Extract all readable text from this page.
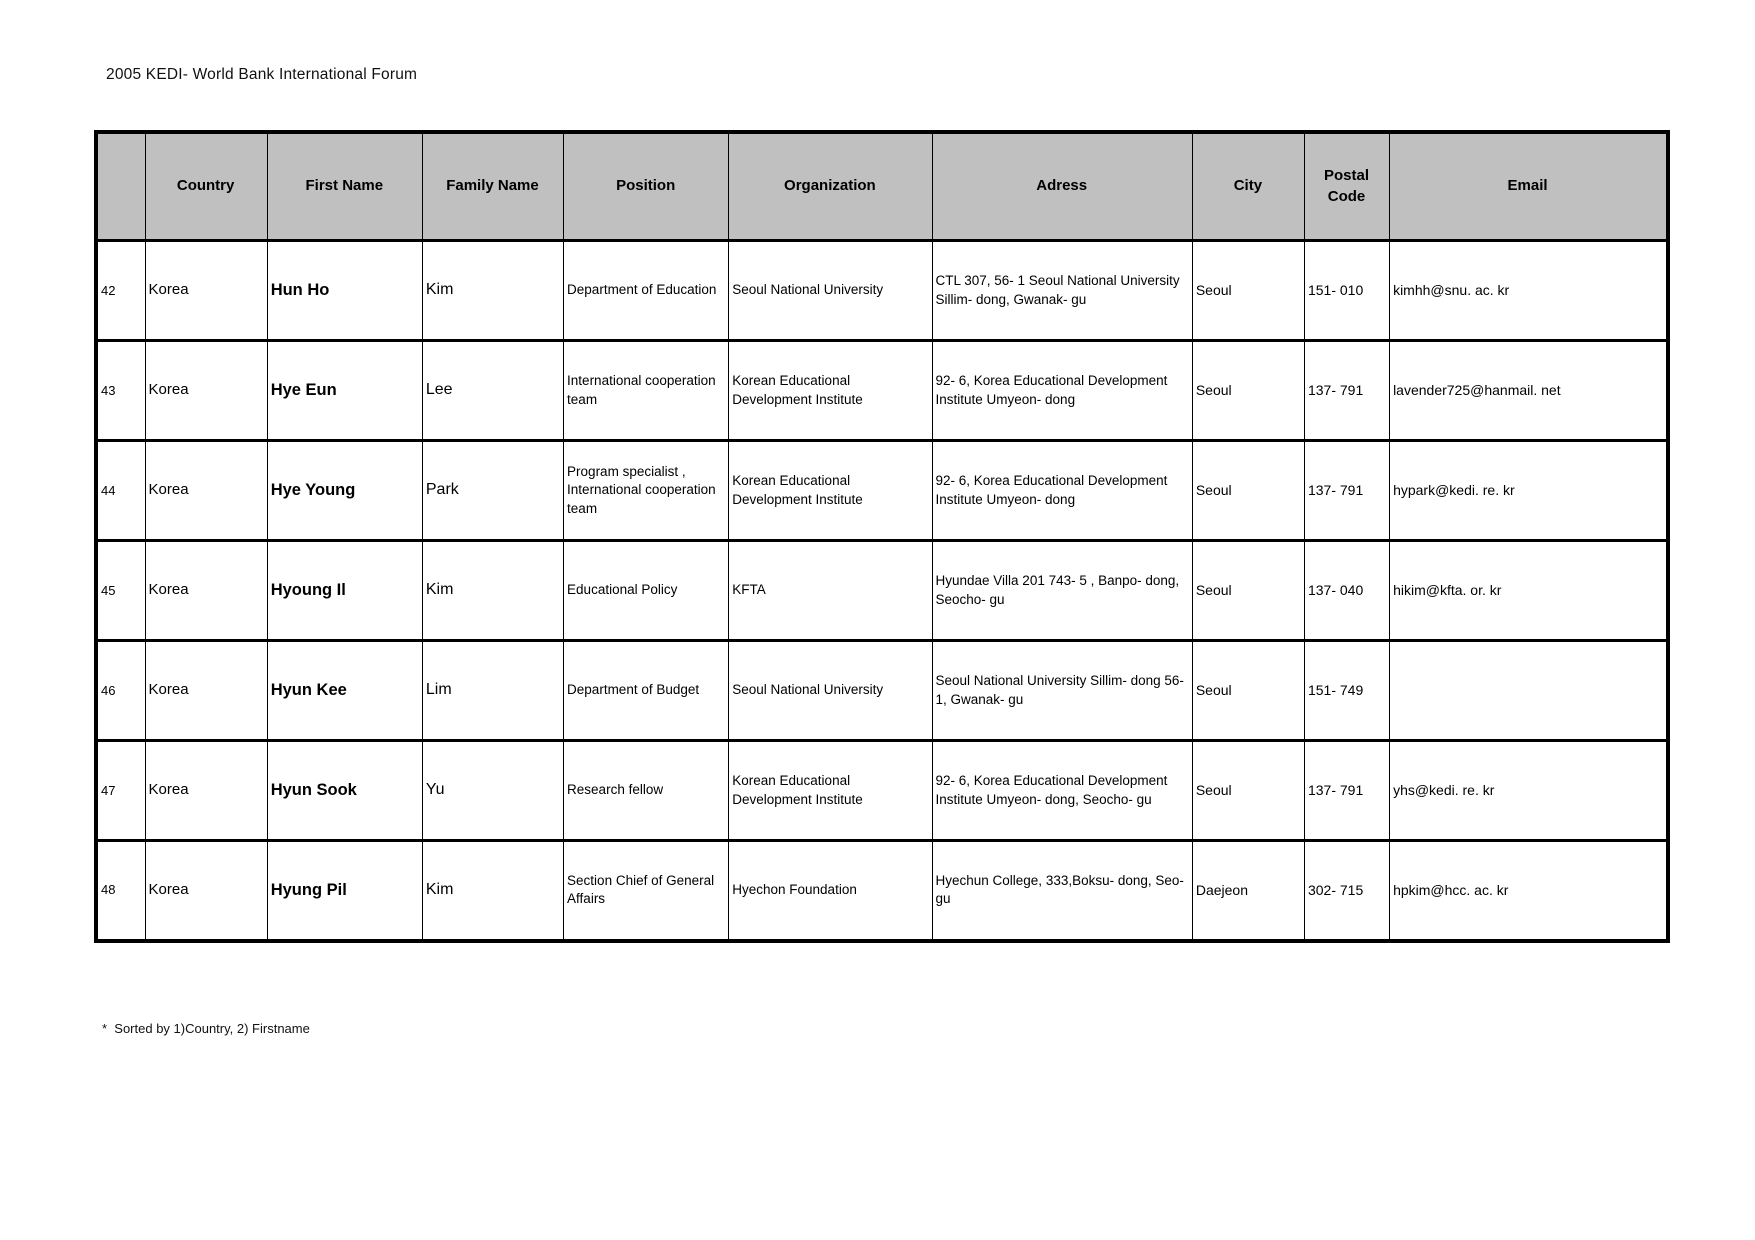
2005 KEDI- World Bank International Forum
	Country	First Name	Family Name	Position	Organization	Adress	City	Postal Code	Email
42	Korea	Hun Ho	Kim	Department of Education	Seoul National University	CTL 307, 56- 1 Seoul National University Sillim- dong, Gwanak- gu	Seoul	151- 010	kimhh@snu. ac. kr
43	Korea	Hye Eun	Lee	International cooperation team	Korean Educational Development Institute	92- 6, Korea Educational Development Institute Umyeon- dong	Seoul	137- 791	lavender725@hanmail. net
44	Korea	Hye Young	Park	Program specialist , International cooperation team	Korean Educational Development Institute	92- 6, Korea Educational Development Institute Umyeon- dong	Seoul	137- 791	hypark@kedi. re. kr
45	Korea	Hyoung Il	Kim	Educational Policy	KFTA	Hyundae Villa 201 743- 5 , Banpo- dong, Seocho- gu	Seoul	137- 040	hikim@kfta. or. kr
46	Korea	Hyun Kee	Lim	Department of Budget	Seoul National University	Seoul National University Sillim- dong 56- 1, Gwanak- gu	Seoul	151- 749	
47	Korea	Hyun Sook	Yu	Research fellow	Korean Educational Development Institute	92- 6, Korea Educational Development Institute Umyeon- dong, Seocho- gu	Seoul	137- 791	yhs@kedi. re. kr
48	Korea	Hyung Pil	Kim	Section Chief of General Affairs	Hyechon Foundation	Hyechun College, 333,Boksu- dong, Seo- gu	Daejeon	302- 715	hpkim@hcc. ac. kr
*  Sorted by 1)Country, 2) Firstname
